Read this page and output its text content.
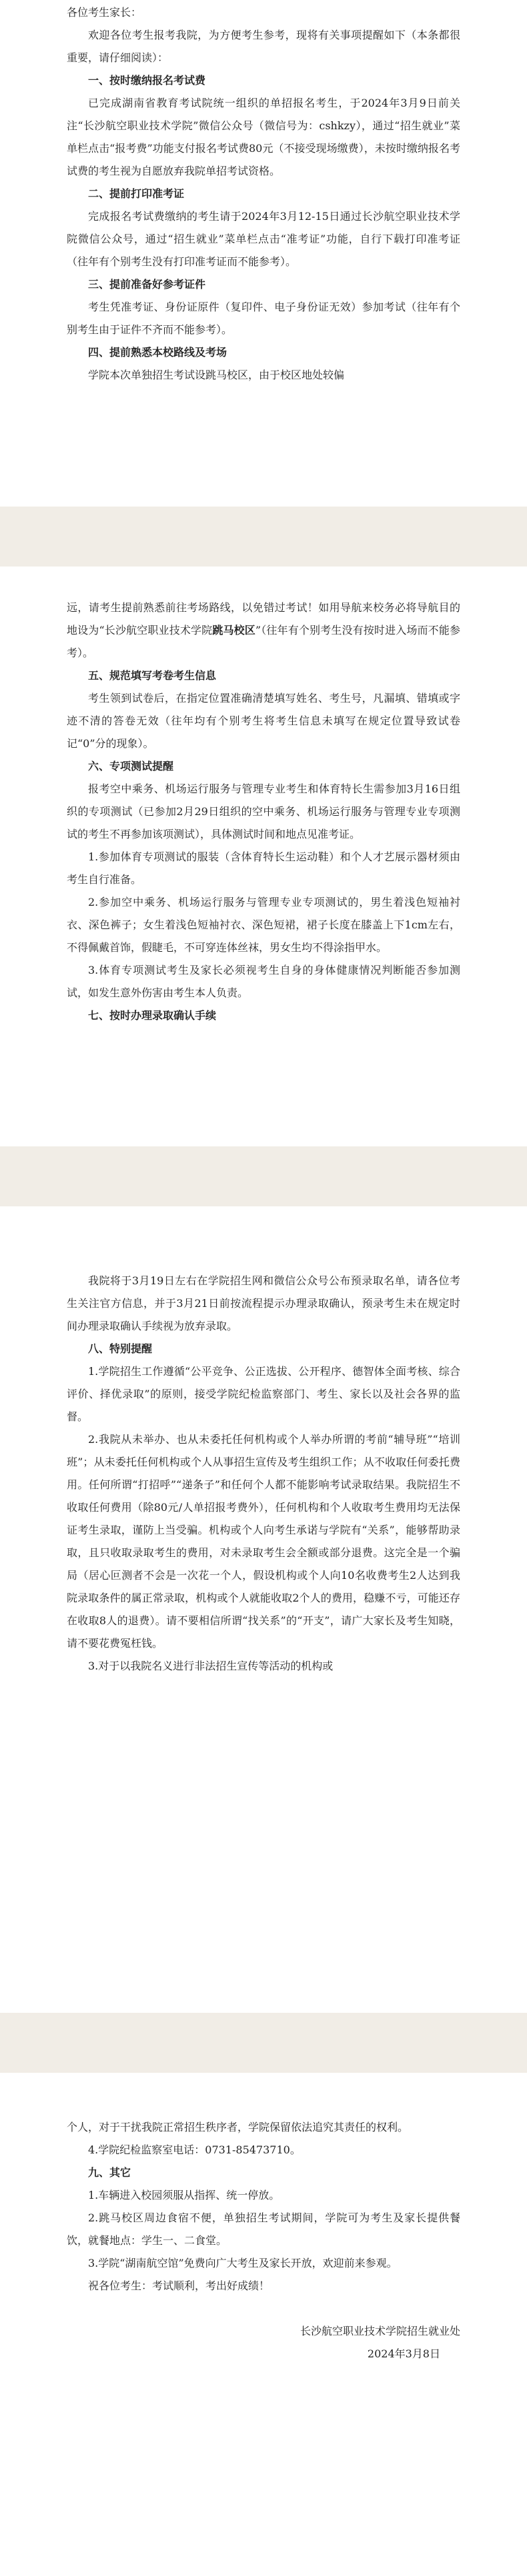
各位考生家长：

欢迎各位考生报考我院，为方便考生参考，现将有关事项提醒如下（本条都很重要，请仔细阅读）：

一、按时缴纳报名考试费

已完成湖南省教育考试院统一组织的单招报名考生，于2024年3月9日前关注“长沙航空职业技术学院”微信公众号（微信号为：cshkzy），通过“招生就业”菜单栏点击“报考费”功能支付报名考试费80元（不接受现场缴费），未按时缴纳报名考试费的考生视为自愿放弃我院单招考试资格。

二、提前打印准考证

完成报名考试费缴纳的考生请于2024年3月12-15日通过长沙航空职业技术学院微信公众号，通过“招生就业”菜单栏点击“准考证”功能，自行下载打印准考证（往年有个别考生没有打印准考证而不能参考）。

三、提前准备好参考证件

考生凭准考证、身份证原件（复印件、电子身份证无效）参加考试（往年有个别考生由于证件不齐而不能参考）。

四、提前熟悉本校路线及考场

学院本次单独招生考试设跳马校区，由于校区地处较偏

远，请考生提前熟悉前往考场路线，以免错过考试！如用导航来校务必将导航目的地设为“长沙航空职业技术学院跳马校区”（往年有个别考生没有按时进入场而不能参考）。

五、规范填写考卷考生信息

考生领到试卷后，在指定位置准确清楚填写姓名、考生号，凡漏填、错填或字迹不清的答卷无效（往年均有个别考生将考生信息未填写在规定位置导致试卷记“0”分的现象）。

六、专项测试提醒

报考空中乘务、机场运行服务与管理专业考生和体育特长生需参加3月16日组织的专项测试（已参加2月29日组织的空中乘务、机场运行服务与管理专业专项测试的考生不再参加该项测试），具体测试时间和地点见准考证。

1.参加体育专项测试的服装（含体育特长生运动鞋）和个人才艺展示器材须由考生自行准备。

2.参加空中乘务、机场运行服务与管理专业专项测试的，男生着浅色短袖衬衣、深色裤子；女生着浅色短袖衬衣、深色短裙，裙子长度在膝盖上下1cm左右，不得佩戴首饰，假睫毛，不可穿连体丝袜，男女生均不得涂指甲水。

3.体育专项测试考生及家长必须视考生自身的身体健康情况判断能否参加测试，如发生意外伤害由考生本人负责。

七、按时办理录取确认手续

我院将于3月19日左右在学院招生网和微信公众号公布预录取名单，请各位考生关注官方信息，并于3月21日前按流程提示办理录取确认，预录考生未在规定时间办理录取确认手续视为放弃录取。

八、特别提醒

1.学院招生工作遵循“公平竞争、公正选拔、公开程序、德智体全面考核、综合评价、择优录取”的原则，接受学院纪检监察部门、考生、家长以及社会各界的监督。

2.我院从未举办、也从未委托任何机构或个人举办所谓的考前“辅导班”“培训班”；从未委托任何机构或个人从事招生宣传及考生组织工作；从不收取任何委托费用。任何所谓“打招呼”“递条子”和任何个人都不能影响考试录取结果。我院招生不收取任何费用（除80元/人单招报考费外），任何机构和个人收取考生费用均无法保证考生录取，谨防上当受骗。机构或个人向考生承诺与学院有“关系”，能够帮助录取，且只收取录取考生的费用，对未录取考生会全额或部分退费。这完全是一个骗局（居心叵测者不会是一次花一个人，假设机构或个人向10名收费考生2人达到我院录取条件的属正常录取，机构或个人就能收取2个人的费用，稳赚不亏，可能还存在收取8人的退费）。请不要相信所谓“找关系”的“开支”，请广大家长及考生知晓，请不要花费冤枉钱。

3.对于以我院名义进行非法招生宣传等活动的机构或

个人，对于干扰我院正常招生秩序者，学院保留依法追究其责任的权利。

4.学院纪检监察室电话：0731-85473710。

九、其它

1.车辆进入校园须服从指挥、统一停放。

2.跳马校区周边食宿不便，单独招生考试期间，学院可为考生及家长提供餐饮，就餐地点：学生一、二食堂。

3.学院“湖南航空馆”免费向广大考生及家长开放，欢迎前来参观。

祝各位考生：考试顺利，考出好成绩！

长沙航空职业技术学院招生就业处

2024年3月8日
